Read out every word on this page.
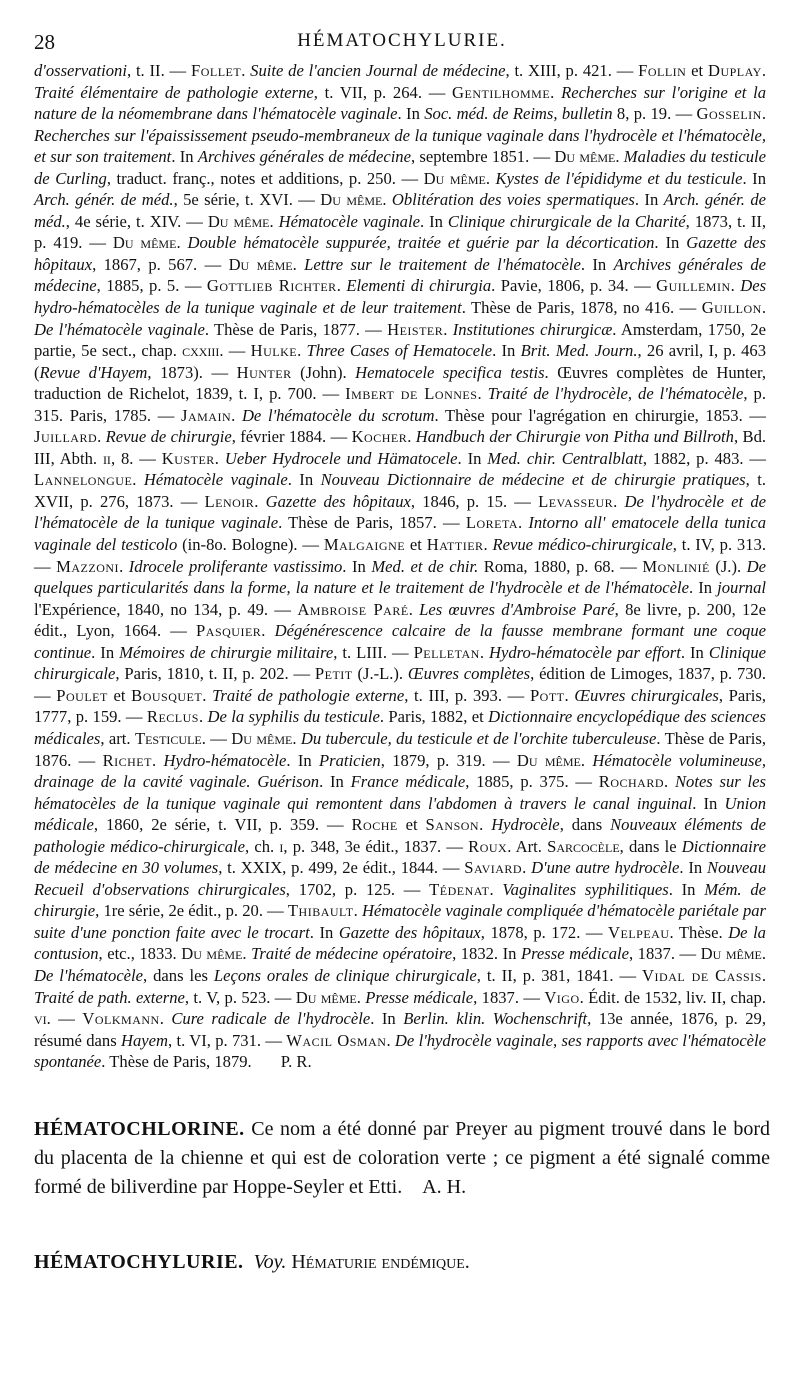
28	HÉMATOCHYLURIE.

d'osservationi, t. II. — Follet. Suite de l'ancien Journal de médecine, t. XIII, p. 421. — Follin et Duplay. Traité élémentaire de pathologie externe, t. VII, p. 264. — Gentilhomme. Recherches sur l'origine et la nature de la néomembrane dans l'hématocèle vaginale. In Soc. méd. de Reims, bulletin 8, p. 19. — Gosselin. Recherches sur l'épaississement pseudo-membraneux de la tunique vaginale dans l'hydrocèle et l'hématocèle, et sur son traitement. In Archives générales de médecine, septembre 1851. — Du même. Maladies du testicule de Curling, traduct. franç., notes et additions, p. 250. — Du même. Kystes de l'épididyme et du testicule. In Arch. génér. de méd., 5e série, t. XVI. — Du même. Oblitération des voies spermatiques. In Arch. génér. de méd., 4e série, t. XIV. — Du même. Hématocèle vaginale. In Clinique chirurgicale de la Charité, 1873, t. II, p. 419. — Du même. Double hématocèle suppurée, traitée et guérie par la décortication. In Gazette des hôpitaux, 1867, p. 567. — Du même. Lettre sur le traitement de l'hématocèle. In Archives générales de médecine, 1885, p. 5. — Gottlieb Richter. Elementi di chirurgia. Pavie, 1806, p. 34. — Guillemin. Des hydro-hématocèles de la tunique vaginale et de leur traitement. Thèse de Paris, 1878, no 416. — Guillon. De l'hématocèle vaginale. Thèse de Paris, 1877. — Heister. Institutiones chirurgicæ. Amsterdam, 1750, 2e partie, 5e sect., chap. cxxiii. — Hulke. Three Cases of Hematocele. In Brit. Med. Journ., 26 avril, I, p. 463 (Revue d'Hayem, 1873). — Hunter (John). Hematocele specifica testis. Œuvres complètes de Hunter, traduction de Richelot, 1839, t. I, p. 700. — Imbert de Lonnes. Traité de l'hydrocèle, de l'hématocèle, p. 315. Paris, 1785. — Jamain. De l'hématocèle du scrotum. Thèse pour l'agrégation en chirurgie, 1853. — Juillard. Revue de chirurgie, février 1884. — Kocher. Handbuch der Chirurgie von Pitha und Billroth, Bd. III, Abth. ii, 8. — Kuster. Ueber Hydrocele und Hämatocele. In Med. chir. Centralblatt, 1882, p. 483. — Lannelongue. Hématocèle vaginale. In Nouveau Dictionnaire de médecine et de chirurgie pratiques, t. XVII, p. 276, 1873. — Lenoir. Gazette des hôpitaux, 1846, p. 15. — Levasseur. De l'hydrocèle et de l'hématocèle de la tunique vaginale. Thèse de Paris, 1857. — Loreta. Intorno all' ematocele della tunica vaginale del testicolo (in-8o. Bologne). — Malgaigne et Hattier. Revue médico-chirurgicale, t. IV, p. 313. — Mazzoni. Idrocele proliferante vastissimo. In Med. et de chir. Roma, 1880, p. 68. — Monlinié (J.). De quelques particularités dans la forme, la nature et le traitement de l'hydrocèle et de l'hématocèle. In journal l'Expérience, 1840, no 134, p. 49. — Ambroise Paré. Les œuvres d'Ambroise Paré, 8e livre, p. 200, 12e édit., Lyon, 1664. — Pasquier. Dégénérescence calcaire de la fausse membrane formant une coque continue. In Mémoires de chirurgie militaire, t. LIII. — Pelletan. Hydro-hématocèle par effort. In Clinique chirurgicale, Paris, 1810, t. II, p. 202. — Petit (J.-L.). Œuvres complètes, édition de Limoges, 1837, p. 730. — Poulet et Bousquet. Traité de pathologie externe, t. III, p. 393. — Pott. Œuvres chirurgicales, Paris, 1777, p. 159. — Reclus. De la syphilis du testicule. Paris, 1882, et Dictionnaire encyclopédique des sciences médicales, art. Testicule. — Du même. Du tubercule, du testicule et de l'orchite tuberculeuse. Thèse de Paris, 1876. — Richet. Hydro-hématocèle. In Praticien, 1879, p. 319. — Du même. Hématocèle volumineuse, drainage de la cavité vaginale. Guérison. In France médicale, 1885, p. 375. — Rochard. Notes sur les hématocèles de la tunique vaginale qui remontent dans l'abdomen à travers le canal inguinal. In Union médicale, 1860, 2e série, t. VII, p. 359. — Roche et Sanson. Hydrocèle, dans Nouveaux éléments de pathologie médico-chirurgicale, ch. i, p. 348, 3e édit., 1837. — Roux. Art. Sarcocèle, dans le Dictionnaire de médecine en 30 volumes, t. XXIX, p. 499, 2e édit., 1844. — Saviard. D'une autre hydrocèle. In Nouveau Recueil d'observations chirurgicales, 1702, p. 125. — Tédenat. Vaginalites syphilitiques. In Mém. de chirurgie, 1re série, 2e édit., p. 20. — Thibault. Hématocèle vaginale compliquée d'hématocèle pariétale par suite d'une ponction faite avec le trocart. In Gazette des hôpitaux, 1878, p. 172. — Velpeau. Thèse. De la contusion, etc., 1833. Du même. Traité de médecine opératoire, 1832. In Presse médicale, 1837. — Du même. De l'hématocèle, dans les Leçons orales de clinique chirurgicale, t. II, p. 381, 1841. — Vidal de Cassis. Traité de path. externe, t. V, p. 523. — Du même. Presse médicale, 1837. — Vigo. Édit. de 1532, liv. II, chap. vi. — Volkmann. Cure radicale de l'hydrocèle. In Berlin. klin. Wochenschrift, 13e année, 1876, p. 29, résumé dans Hayem, t. VI, p. 731. — Wacil Osman. De l'hydrocèle vaginale, ses rapports avec l'hématocèle spontanée. Thèse de Paris, 1879. P. R.

HÉMATOCHLORINE. Ce nom a été donné par Preyer au pigment trouvé dans le bord du placenta de la chienne et qui est de coloration verte ; ce pigment a été signalé comme formé de biliverdine par Hoppe-Seyler et Etti. A. H.

HÉMATOCHYLURIE. Voy. Hématurie endémique.
